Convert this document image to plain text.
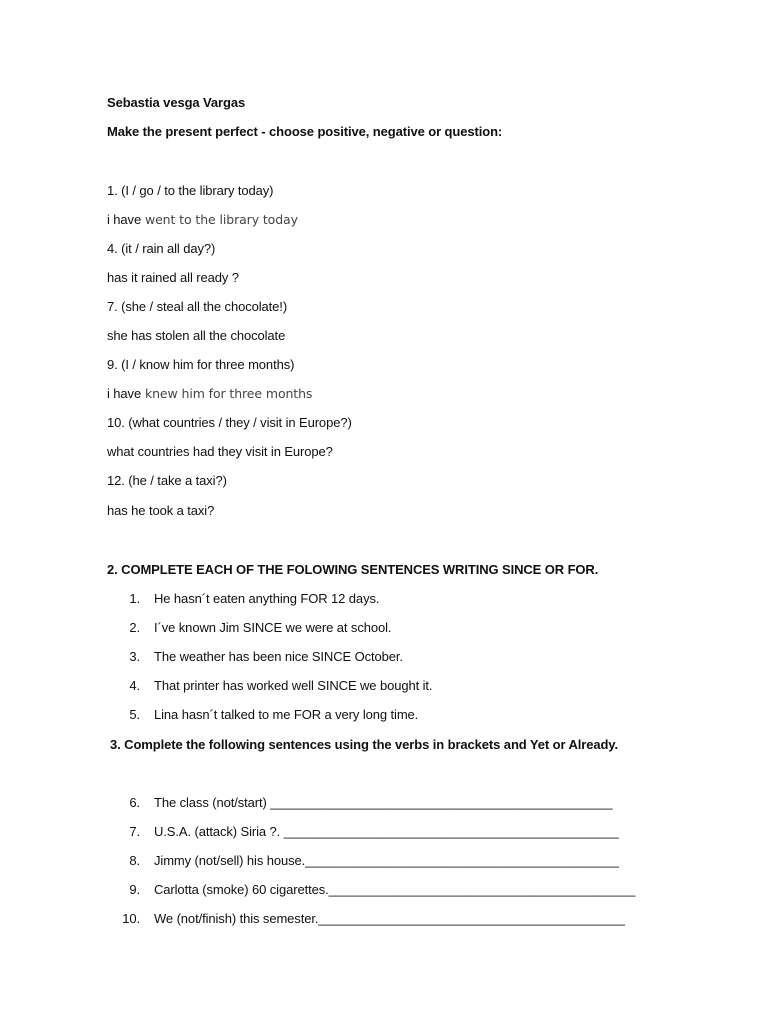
Sebastia vesga Vargas
Make the present perfect - choose positive, negative or question:
1. (I / go / to the library today)
i have went to the library today
4. (it / rain all day?)
has it rained all ready ?
7. (she / steal all the chocolate!)
she has stolen all the chocolate
9. (I / know him for three months)
i have knew him for three months
10. (what countries / they / visit in Europe?)
what countries had they visit in Europe?
12. (he / take a taxi?)
has he took a taxi?
2. COMPLETE EACH OF THE FOLOWING SENTENCES WRITING SINCE OR FOR.
1. He hasn´t eaten anything FOR 12 days.
2. I´ve known Jim SINCE we were at school.
3. The weather has been nice SINCE October.
4. That printer has worked well SINCE we bought it.
5. Lina hasn´t talked to me FOR a very long time.
3. Complete the following sentences using the verbs in brackets and Yet or Already.
6. The class (not/start) ________________________________________________
7. U.S.A. (attack) Siria ?. _______________________________________________
8. Jimmy (not/sell) his house.____________________________________________
9. Carlotta (smoke) 60 cigarettes.___________________________________________
10. We (not/finish) this semester.___________________________________________
